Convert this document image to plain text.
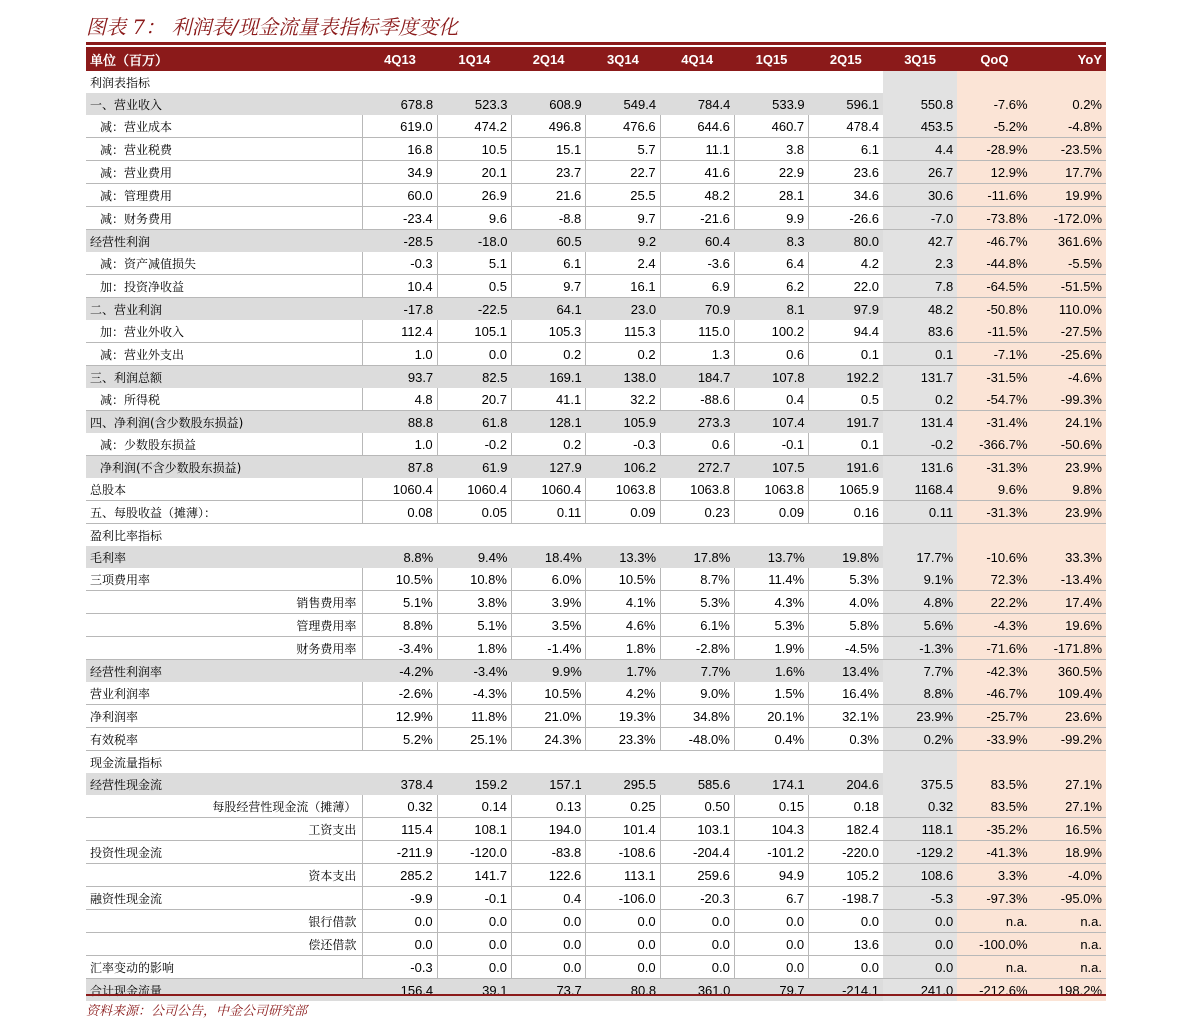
图表 7： 利润表/现金流量表指标季度变化
单位（百万）	4Q13	1Q14	2Q14	3Q14	4Q14	1Q15	2Q15	3Q15	QoQ	YoY
利润表指标										
一、营业收入	678.8	523.3	608.9	549.4	784.4	533.9	596.1	550.8	-7.6%	0.2%
减：营业成本	619.0	474.2	496.8	476.6	644.6	460.7	478.4	453.5	-5.2%	-4.8%
减：营业税费	16.8	10.5	15.1	5.7	11.1	3.8	6.1	4.4	-28.9%	-23.5%
减：营业费用	34.9	20.1	23.7	22.7	41.6	22.9	23.6	26.7	12.9%	17.7%
减：管理费用	60.0	26.9	21.6	25.5	48.2	28.1	34.6	30.6	-11.6%	19.9%
减：财务费用	-23.4	9.6	-8.8	9.7	-21.6	9.9	-26.6	-7.0	-73.8%	-172.0%
经营性利润	-28.5	-18.0	60.5	9.2	60.4	8.3	80.0	42.7	-46.7%	361.6%
减：资产减值损失	-0.3	5.1	6.1	2.4	-3.6	6.4	4.2	2.3	-44.8%	-5.5%
加：投资净收益	10.4	0.5	9.7	16.1	6.9	6.2	22.0	7.8	-64.5%	-51.5%
二、营业利润	-17.8	-22.5	64.1	23.0	70.9	8.1	97.9	48.2	-50.8%	110.0%
加：营业外收入	112.4	105.1	105.3	115.3	115.0	100.2	94.4	83.6	-11.5%	-27.5%
减：营业外支出	1.0	0.0	0.2	0.2	1.3	0.6	0.1	0.1	-7.1%	-25.6%
三、利润总额	93.7	82.5	169.1	138.0	184.7	107.8	192.2	131.7	-31.5%	-4.6%
减：所得税	4.8	20.7	41.1	32.2	-88.6	0.4	0.5	0.2	-54.7%	-99.3%
四、净利润(含少数股东损益)	88.8	61.8	128.1	105.9	273.3	107.4	191.7	131.4	-31.4%	24.1%
减：少数股东损益	1.0	-0.2	0.2	-0.3	0.6	-0.1	0.1	-0.2	-366.7%	-50.6%
净利润(不含少数股东损益)	87.8	61.9	127.9	106.2	272.7	107.5	191.6	131.6	-31.3%	23.9%
总股本	1060.4	1060.4	1060.4	1063.8	1063.8	1063.8	1065.9	1168.4	9.6%	9.8%
五、每股收益（摊薄）：	0.08	0.05	0.11	0.09	0.23	0.09	0.16	0.11	-31.3%	23.9%
盈利比率指标										
毛利率	8.8%	9.4%	18.4%	13.3%	17.8%	13.7%	19.8%	17.7%	-10.6%	33.3%
三项费用率	10.5%	10.8%	6.0%	10.5%	8.7%	11.4%	5.3%	9.1%	72.3%	-13.4%
销售费用率	5.1%	3.8%	3.9%	4.1%	5.3%	4.3%	4.0%	4.8%	22.2%	17.4%
管理费用率	8.8%	5.1%	3.5%	4.6%	6.1%	5.3%	5.8%	5.6%	-4.3%	19.6%
财务费用率	-3.4%	1.8%	-1.4%	1.8%	-2.8%	1.9%	-4.5%	-1.3%	-71.6%	-171.8%
经营性利润率	-4.2%	-3.4%	9.9%	1.7%	7.7%	1.6%	13.4%	7.7%	-42.3%	360.5%
营业利润率	-2.6%	-4.3%	10.5%	4.2%	9.0%	1.5%	16.4%	8.8%	-46.7%	109.4%
净利润率	12.9%	11.8%	21.0%	19.3%	34.8%	20.1%	32.1%	23.9%	-25.7%	23.6%
有效税率	5.2%	25.1%	24.3%	23.3%	-48.0%	0.4%	0.3%	0.2%	-33.9%	-99.2%
现金流量指标										
经营性现金流	378.4	159.2	157.1	295.5	585.6	174.1	204.6	375.5	83.5%	27.1%
每股经营性现金流（摊薄）	0.32	0.14	0.13	0.25	0.50	0.15	0.18	0.32	83.5%	27.1%
工资支出	115.4	108.1	194.0	101.4	103.1	104.3	182.4	118.1	-35.2%	16.5%
投资性现金流	-211.9	-120.0	-83.8	-108.6	-204.4	-101.2	-220.0	-129.2	-41.3%	18.9%
资本支出	285.2	141.7	122.6	113.1	259.6	94.9	105.2	108.6	3.3%	-4.0%
融资性现金流	-9.9	-0.1	0.4	-106.0	-20.3	6.7	-198.7	-5.3	-97.3%	-95.0%
银行借款	0.0	0.0	0.0	0.0	0.0	0.0	0.0	0.0	n.a.	n.a.
偿还借款	0.0	0.0	0.0	0.0	0.0	0.0	13.6	0.0	-100.0%	n.a.
汇率变动的影响	-0.3	0.0	0.0	0.0	0.0	0.0	0.0	0.0	n.a.	n.a.
合计现金流量	156.4	39.1	73.7	80.8	361.0	79.7	-214.1	241.0	-212.6%	198.2%
资料来源：公司公告，中金公司研究部
